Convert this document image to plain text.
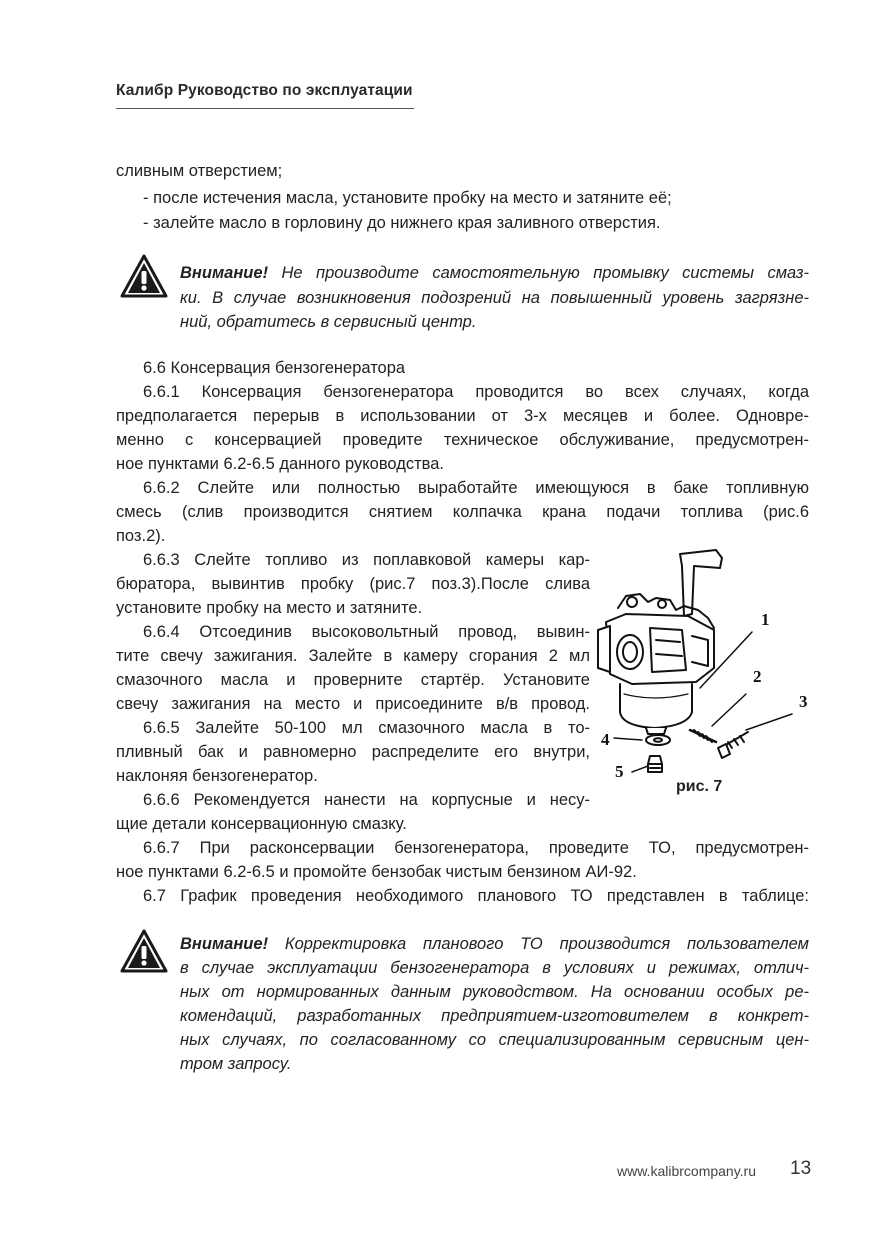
Калибр Руководство по эксплуатации
сливным отверстием;
- после истечения масла, установите пробку на место и затяните её;
- залейте масло в горловину до нижнего края заливного отверстия.
Внимание! Не производите самостоятельную промывку системы смаз-
ки. В случае возникновения подозрений на повышенный уровень загрязне-
ний, обратитесь в сервисный центр.
6.6 Консервация бензогенератора
6.6.1 Консервация бензогенератора проводится во всех случаях, когда
предполагается перерыв в использовании от 3-х месяцев и более. Одновре-
менно с консервацией проведите техническое обслуживание, предусмотрен-
ное пунктами 6.2-6.5 данного руководства.
6.6.2 Слейте или полностью выработайте имеющуюся в баке топливную
смесь (слив производится снятием колпачка крана подачи топлива (рис.6
поз.2).
6.6.3 Слейте топливо из поплавковой камеры кар-
бюратора, вывинтив пробку (рис.7 поз.3).После слива
установите пробку на место и затяните.
6.6.4 Отсоединив высоковольтный провод, вывин-
тите свечу зажигания. Залейте в камеру сгорания 2 мл
смазочного масла и проверните стартёр. Установите
свечу зажигания на место и присоедините в/в провод.
6.6.5 Залейте 50-100 мл смазочного масла в то-
пливный бак и равномерно распределите его внутри,
наклоняя бензогенератор.
6.6.6 Рекомендуется нанести на корпусные и несу-
щие детали консервационную смазку.
6.6.7 При расконсервации бензогенератора, проведите ТО, предусмотрен-
ное пунктами 6.2-6.5 и промойте бензобак чистым бензином АИ-92.
6.7 График проведения необходимого планового ТО представлен в таблице:
1
2
3
4
5
рис. 7
Внимание! Корректировка планового ТО производится пользователем
в случае эксплуатации бензогенератора в условиях и режимах, отлич-
ных от нормированных данным руководством. На основании особых ре-
комендаций, разработанных предприятием-изготовителем в конкрет-
ных случаях, по согласованному со специализированным сервисным цен-
тром запросу.
www.kalibrcompany.ru 13
